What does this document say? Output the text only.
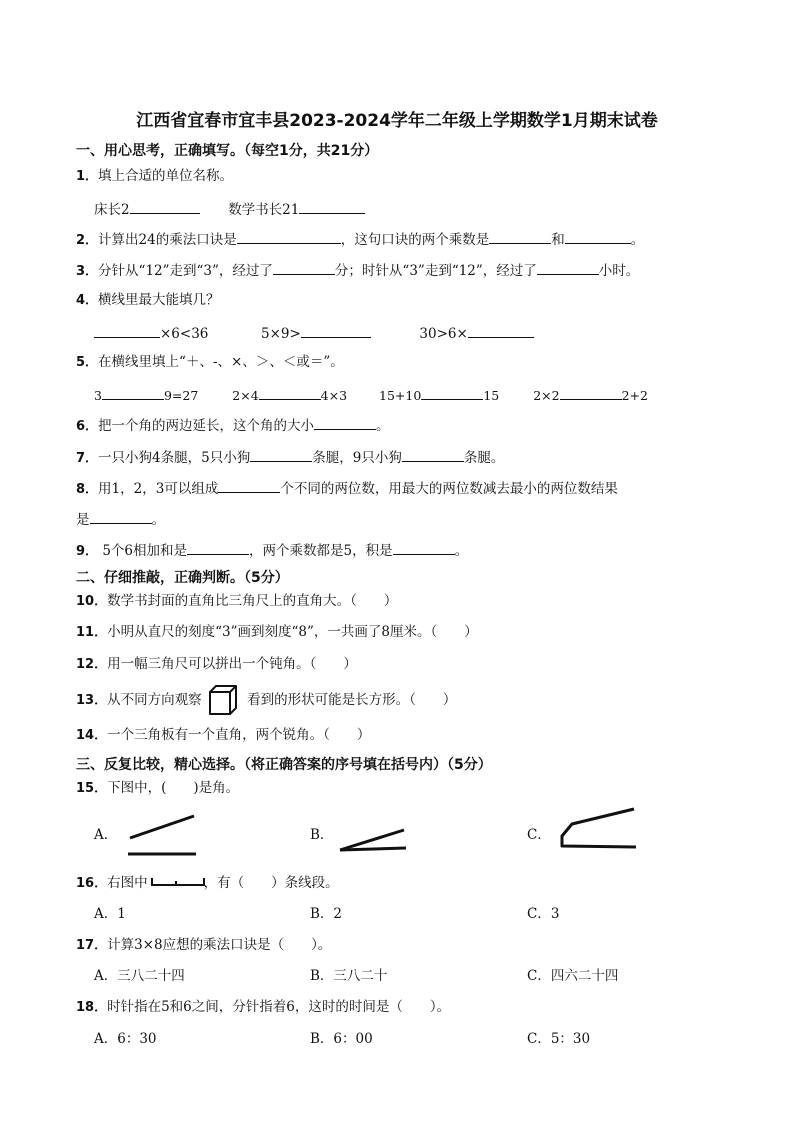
江西省宜春市宜丰县2023-2024学年二年级上学期数学1月期末试卷
一、用心思考，正确填写。（每空1分，共21分）
1．填上合适的单位名称。
床长2	数学书长21
2．计算出24的乘法口诀是	，这句口诀的两个乘数是	和	。
3．分针从“12”走到“3”，经过了	分；时针从“3”走到“12”，经过了	小时。
4．横线里最大能填几？
×6<36	5×9>	30>6×
5．在横线里填上“＋、-、×、＞、＜或＝”。
3	9=27	2×4	4×3	15+10	15	2×2	2+2
6．把一个角的两边延长，这个角的大小	。
7．一只小狗4条腿，5只小狗	条腿，9只小狗	条腿。
8．用1，2，3可以组成	个不同的两位数，用最大的两位数减去最小的两位数结果
是	。
9． 5个6相加和是	，两个乘数都是5，积是	。
二、仔细推敲，正确判断。（5分）
10．数学书封面的直角比三角尺上的直角大。（　　）
11．小明从直尺的刻度“3”画到刻度“8”，一共画了8厘米。（　　）
12．用一幅三角尺可以拼出一个钝角。（　　）
13．从不同方向观察 ，看到的形状可能是长方形。（　　）
14．一个三角板有一个直角，两个锐角。（　　）
三、反复比较，精心选择。（将正确答案的序号填在括号内）（5分）
15．下图中，(　　)是角。
A．	B．	C．
16．右图中	，有（　　）条线段。
A．1	B．2	C．3
17．计算3×8应想的乘法口诀是（　　）。
A．三八二十四	B．三八二十	C．四六二十四
18．时针指在5和6之间，分针指着6，这时的时间是（　　）。
A．6：30	B．6：00	C．5：30
